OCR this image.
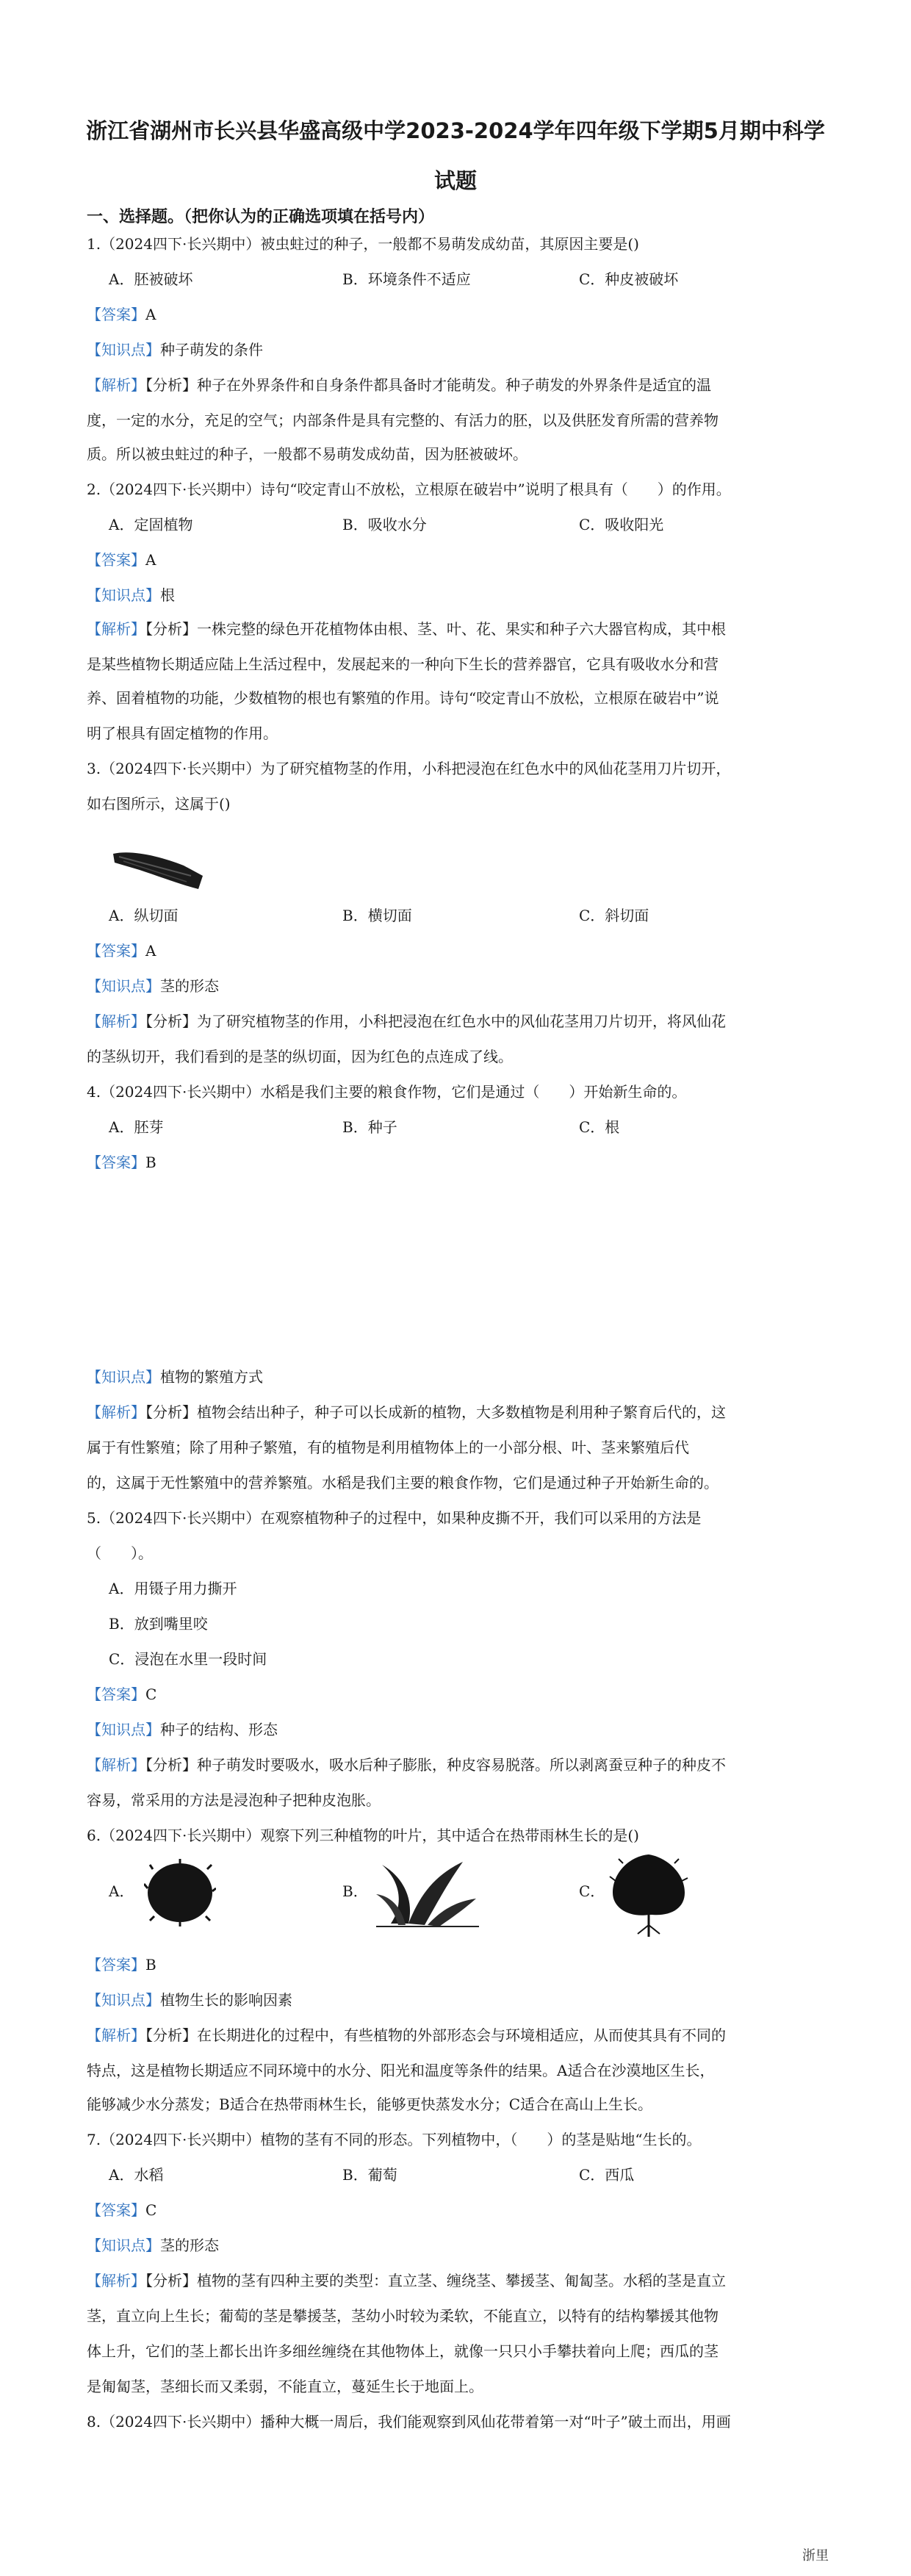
浙江省湖州市长兴县华盛高级中学2023-2024学年四年级下学期5月期中科学
试题
一、选择题。（把你认为的正确选项填在括号内）
1.（2024四下·长兴期中）被虫蛀过的种子，一般都不易萌发成幼苗，其原因主要是()
A．胚被破坏	B．环境条件不适应	C．种皮被破坏
【答案】A
【知识点】种子萌发的条件
【解析】【分析】种子在外界条件和自身条件都具备时才能萌发。种子萌发的外界条件是适宜的温
度，一定的水分，充足的空气；内部条件是具有完整的、有活力的胚，以及供胚发育所需的营养物
质。所以被虫蛀过的种子，一般都不易萌发成幼苗，因为胚被破坏。
2.（2024四下·长兴期中）诗句“咬定青山不放松，立根原在破岩中”说明了根具有（　　）的作用。
A．定固植物	B．吸收水分	C．吸收阳光
【答案】A
【知识点】根
【解析】【分析】一株完整的绿色开花植物体由根、茎、叶、花、果实和种子六大器官构成，其中根
是某些植物长期适应陆上生活过程中，发展起来的一种向下生长的营养器官，它具有吸收水分和营
养、固着植物的功能，少数植物的根也有繁殖的作用。诗句“咬定青山不放松，立根原在破岩中”说
明了根具有固定植物的作用。
3.（2024四下·长兴期中）为了研究植物茎的作用，小科把浸泡在红色水中的风仙花茎用刀片切开，
如右图所示，这属于()
A．纵切面	B．横切面	C．斜切面
【答案】A
【知识点】茎的形态
【解析】【分析】为了研究植物茎的作用，小科把浸泡在红色水中的风仙花茎用刀片切开，将风仙花
的茎纵切开，我们看到的是茎的纵切面，因为红色的点连成了线。
4.（2024四下·长兴期中）水稻是我们主要的粮食作物，它们是通过（　　）开始新生命的。
A．胚芽	B．种子	C．根
【答案】B
【知识点】植物的繁殖方式
【解析】【分析】植物会结出种子，种子可以长成新的植物，大多数植物是利用种子繁育后代的，这
属于有性繁殖；除了用种子繁殖，有的植物是利用植物体上的一小部分根、叶、茎来繁殖后代
的，这属于无性繁殖中的营养繁殖。水稻是我们主要的粮食作物，它们是通过种子开始新生命的。
5.（2024四下·长兴期中）在观察植物种子的过程中，如果种皮撕不开，我们可以采用的方法是
（　　）。
A．用镊子用力撕开
B．放到嘴里咬
C．浸泡在水里一段时间
【答案】C
【知识点】种子的结构、形态
【解析】【分析】种子萌发时要吸水，吸水后种子膨胀，种皮容易脱落。所以剥离蚕豆种子的种皮不
容易，常采用的方法是浸泡种子把种皮泡胀。
6.（2024四下·长兴期中）观察下列三种植物的叶片，其中适合在热带雨林生长的是()
A．	B．	C．
【答案】B
【知识点】植物生长的影响因素
【解析】【分析】在长期进化的过程中，有些植物的外部形态会与环境相适应，从而使其具有不同的
特点，这是植物长期适应不同环境中的水分、阳光和温度等条件的结果。A适合在沙漠地区生长，
能够减少水分蒸发；B适合在热带雨林生长，能够更快蒸发水分；C适合在高山上生长。
7.（2024四下·长兴期中）植物的茎有不同的形态。下列植物中，（　　）的茎是贴地“生长的。
A．水稻	B．葡萄	C．西瓜
【答案】C
【知识点】茎的形态
【解析】【分析】植物的茎有四种主要的类型：直立茎、缠绕茎、攀援茎、匍匐茎。水稻的茎是直立
茎，直立向上生长；葡萄的茎是攀援茎，茎幼小时较为柔软，不能直立，以特有的结构攀援其他物
体上升，它们的茎上都长出许多细丝缠绕在其他物体上，就像一只只小手攀扶着向上爬；西瓜的茎
是匍匐茎，茎细长而又柔弱，不能直立，蔓延生长于地面上。
8.（2024四下·长兴期中）播种大概一周后，我们能观察到风仙花带着第一对“叶子”破土而出，用画
浙里
